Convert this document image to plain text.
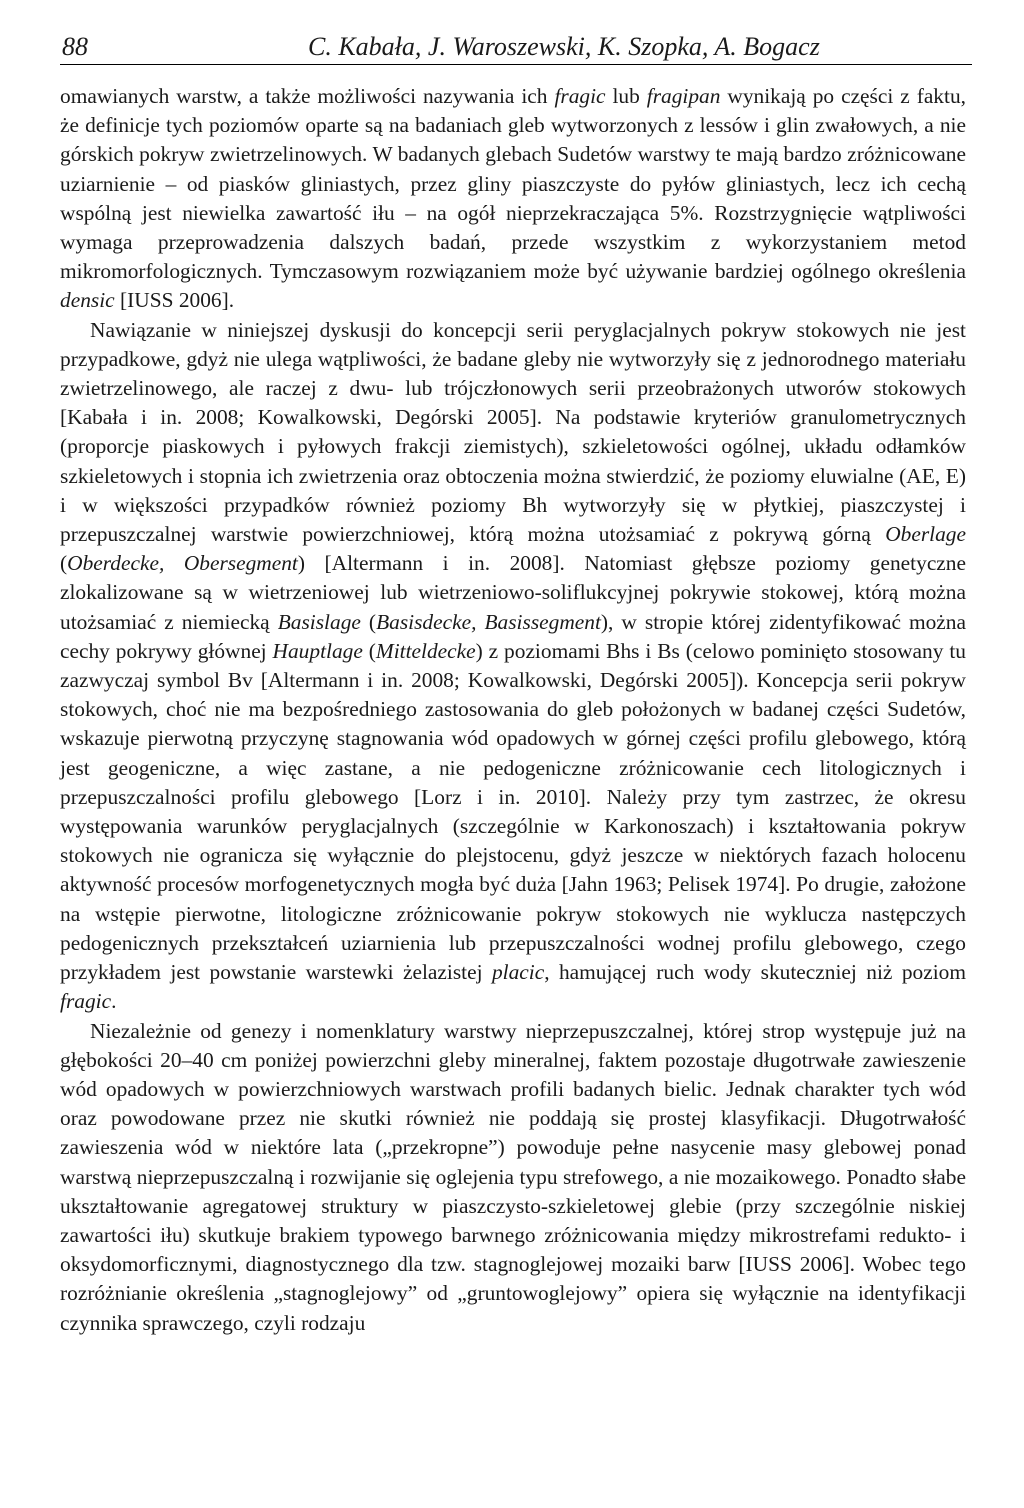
88	C. Kabała, J. Waroszewski, K. Szopka, A. Bogacz

omawianych warstw, a także możliwości nazywania ich fragic lub fragipan wynikają po części z faktu, że definicje tych poziomów oparte są na badaniach gleb wytworzonych z lessów i glin zwałowych, a nie górskich pokryw zwietrzelinowych. W badanych glebach Sudetów warstwy te mają bardzo zróżnicowane uziarnienie – od piasków gliniastych, przez gliny piaszczyste do pyłów gliniastych, lecz ich cechą wspólną jest niewielka zawartość iłu – na ogół nieprzekraczająca 5%. Rozstrzygnięcie wątpliwości wymaga przeprowadzenia dalszych badań, przede wszystkim z wykorzystaniem metod mikromorfologicznych. Tymczasowym rozwiązaniem może być używanie bardziej ogólnego określenia densic [IUSS 2006].

Nawiązanie w niniejszej dyskusji do koncepcji serii peryglacjalnych pokryw stokowych nie jest przypadkowe, gdyż nie ulega wątpliwości, że badane gleby nie wytworzyły się z jednorodnego materiału zwietrzelinowego, ale raczej z dwu- lub trójczłonowych serii przeobrażonych utworów stokowych [Kabała i in. 2008; Kowalkowski, Degórski 2005]. Na podstawie kryteriów granulometrycznych (proporcje piaskowych i pyłowych frakcji ziemistych), szkieletowości ogólnej, układu odłamków szkieletowych i stopnia ich zwietrzenia oraz obtoczenia można stwierdzić, że poziomy eluwialne (AE, E) i w większości przypadków również poziomy Bh wytworzyły się w płytkiej, piaszczystej i przepuszczalnej warstwie powierzchniowej, którą można utożsamiać z pokrywą górną Oberlage (Oberdecke, Obersegment) [Altermann i in. 2008]. Natomiast głębsze poziomy genetyczne zlokalizowane są w wietrzeniowej lub wietrzeniowo-soliflukcyjnej pokrywie stokowej, którą można utożsamiać z niemiecką Basislage (Basisdecke, Basissegment), w stropie której zidentyfikować można cechy pokrywy głównej Hauptlage (Mitteldecke) z poziomami Bhs i Bs (celowo pominięto stosowany tu zazwyczaj symbol Bv [Altermann i in. 2008; Kowalkowski, Degórski 2005]). Koncepcja serii pokryw stokowych, choć nie ma bezpośredniego zastosowania do gleb położonych w badanej części Sudetów, wskazuje pierwotną przyczynę stagnowania wód opadowych w górnej części profilu glebowego, którą jest geogeniczne, a więc zastane, a nie pedogeniczne zróżnicowanie cech litologicznych i przepuszczalności profilu glebowego [Lorz i in. 2010]. Należy przy tym zastrzec, że okresu występowania warunków peryglacjalnych (szczególnie w Karkonoszach) i kształtowania pokryw stokowych nie ogranicza się wyłącznie do plejstocenu, gdyż jeszcze w niektórych fazach holocenu aktywność procesów morfogenetycznych mogła być duża [Jahn 1963; Pelisek 1974]. Po drugie, założone na wstępie pierwotne, litologiczne zróżnicowanie pokryw stokowych nie wyklucza następczych pedogenicznych przekształceń uziarnienia lub przepuszczalności wodnej profilu glebowego, czego przykładem jest powstanie warstewki żelazistej placic, hamującej ruch wody skuteczniej niż poziom fragic.

Niezależnie od genezy i nomenklatury warstwy nieprzepuszczalnej, której strop występuje już na głębokości 20–40 cm poniżej powierzchni gleby mineralnej, faktem pozostaje długotrwałe zawieszenie wód opadowych w powierzchniowych warstwach profili badanych bielic. Jednak charakter tych wód oraz powodowane przez nie skutki również nie poddają się prostej klasyfikacji. Długotrwałość zawieszenia wód w niektóre lata („przekropne”) powoduje pełne nasycenie masy glebowej ponad warstwą nieprzepuszczalną i rozwijanie się oglejenia typu strefowego, a nie mozaikowego. Ponadto słabe ukształtowanie agregatowej struktury w piaszczysto-szkieletowej glebie (przy szczególnie niskiej zawartości iłu) skutkuje brakiem typowego barwnego zróżnicowania między mikrostrefami redukto- i oksydomorficznymi, diagnostycznego dla tzw. stagnoglejowej mozaiki barw [IUSS 2006]. Wobec tego rozróżnianie określenia „stagnoglejowy” od „gruntowoglejowy” opiera się wyłącznie na identyfikacji czynnika sprawczego, czyli rodzaju
